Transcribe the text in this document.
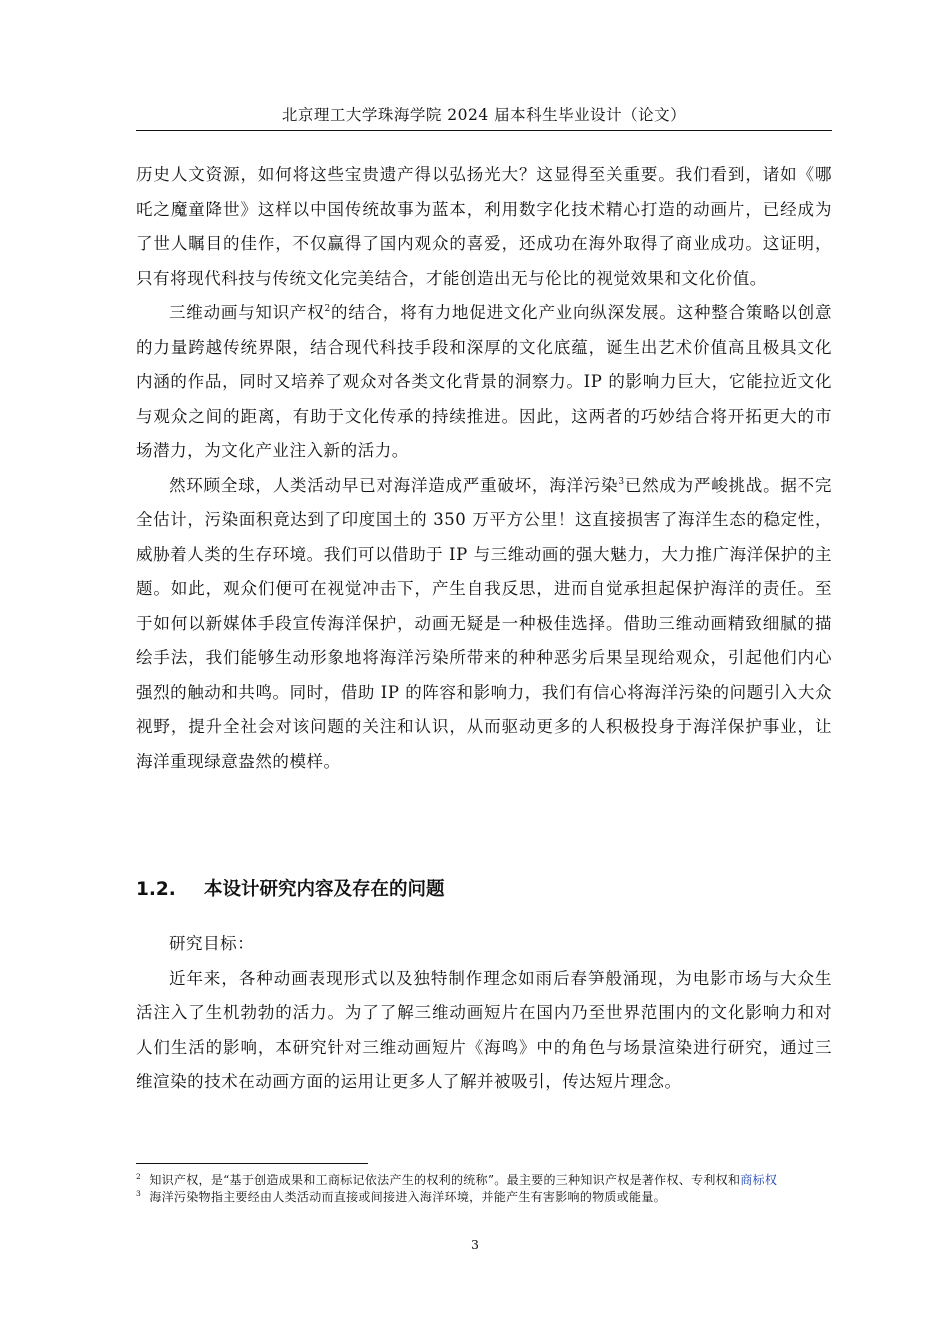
北京理工大学珠海学院 2024 届本科生毕业设计（论文）

历史人文资源，如何将这些宝贵遗产得以弘扬光大？这显得至关重要。我们看到，诸如《哪吒之魔童降世》这样以中国传统故事为蓝本，利用数字化技术精心打造的动画片，已经成为了世人瞩目的佳作，不仅赢得了国内观众的喜爱，还成功在海外取得了商业成功。这证明，只有将现代科技与传统文化完美结合，才能创造出无与伦比的视觉效果和文化价值。

三维动画与知识产权$^2$的结合，将有力地促进文化产业向纵深发展。这种整合策略以创意的力量跨越传统界限，结合现代科技手段和深厚的文化底蕴，诞生出艺术价值高且极具文化内涵的作品，同时又培养了观众对各类文化背景的洞察力。IP 的影响力巨大，它能拉近文化与观众之间的距离，有助于文化传承的持续推进。因此，这两者的巧妙结合将开拓更大的市场潜力，为文化产业注入新的活力。

然环顾全球，人类活动早已对海洋造成严重破坏，海洋污染$^3$已然成为严峻挑战。据不完全估计，污染面积竟达到了印度国土的 350 万平方公里！这直接损害了海洋生态的稳定性，威胁着人类的生存环境。我们可以借助于 IP 与三维动画的强大魅力，大力推广海洋保护的主题。如此，观众们便可在视觉冲击下，产生自我反思，进而自觉承担起保护海洋的责任。至于如何以新媒体手段宣传海洋保护，动画无疑是一种极佳选择。借助三维动画精致细腻的描绘手法，我们能够生动形象地将海洋污染所带来的种种恶劣后果呈现给观众，引起他们内心强烈的触动和共鸣。同时，借助 IP 的阵容和影响力，我们有信心将海洋污染的问题引入大众视野，提升全社会对该问题的关注和认识，从而驱动更多的人积极投身于海洋保护事业，让海洋重现绿意盎然的模样。

1.2. 本设计研究内容及存在的问题

研究目标：

近年来，各种动画表现形式以及独特制作理念如雨后春笋般涌现，为电影市场与大众生活注入了生机勃勃的活力。为了了解三维动画短片在国内乃至世界范围内的文化影响力和对人们生活的影响，本研究针对三维动画短片《海鸣》中的角色与场景渲染进行研究，通过三维渲染的技术在动画方面的运用让更多人了解并被吸引，传达短片理念。

$^2$ 知识产权，是“基于创造成果和工商标记依法产生的权利的统称”。最主要的三种知识产权是著作权、专利权和商标权

$^3$ 海洋污染物指主要经由人类活动而直接或间接进入海洋环境，并能产生有害影响的物质或能量。

3
